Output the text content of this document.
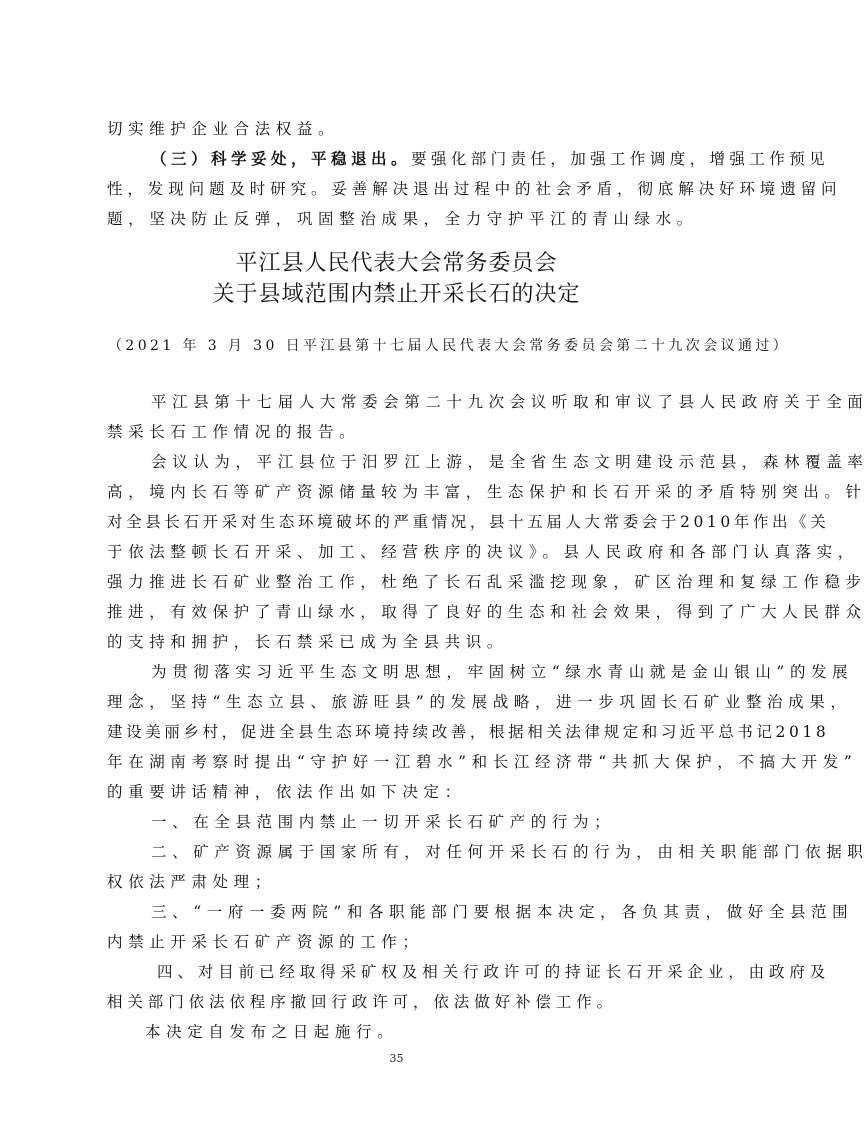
切实维护企业合法权益。
（三）科学妥处，平稳退出。要强化部门责任，加强工作调度，增强工作预见
性，发现问题及时研究。妥善解决退出过程中的社会矛盾，彻底解决好环境遗留问
题，坚决防止反弹，巩固整治成果，全力守护平江的青山绿水。
平江县人民代表大会常务委员会
关于县域范围内禁止开采长石的决定
（2021 年 3 月 30 日平江县第十七届人民代表大会常务委员会第二十九次会议通过）
平江县第十七届人大常委会第二十九次会议听取和审议了县人民政府关于全面
禁采长石工作情况的报告。
会议认为，平江县位于汨罗江上游，是全省生态文明建设示范县，森林覆盖率
高，境内长石等矿产资源储量较为丰富，生态保护和长石开采的矛盾特别突出。针
对全县长石开采对生态环境破坏的严重情况，县十五届人大常委会于2010年作出《关
于依法整顿长石开采、加工、经营秩序的决议》。县人民政府和各部门认真落实，
强力推进长石矿业整治工作，杜绝了长石乱采滥挖现象，矿区治理和复绿工作稳步
推进，有效保护了青山绿水，取得了良好的生态和社会效果，得到了广大人民群众
的支持和拥护，长石禁采已成为全县共识。
为贯彻落实习近平生态文明思想，牢固树立“绿水青山就是金山银山”的发展
理念，坚持“生态立县、旅游旺县”的发展战略，进一步巩固长石矿业整治成果，
建设美丽乡村，促进全县生态环境持续改善，根据相关法律规定和习近平总书记2018
年在湖南考察时提出“守护好一江碧水”和长江经济带“共抓大保护，不搞大开发”
的重要讲话精神，依法作出如下决定：
一、在全县范围内禁止一切开采长石矿产的行为；
二、矿产资源属于国家所有，对任何开采长石的行为，由相关职能部门依据职
权依法严肃处理；
三、“一府一委两院”和各职能部门要根据本决定，各负其责，做好全县范围
内禁止开采长石矿产资源的工作；
四、对目前已经取得采矿权及相关行政许可的持证长石开采企业，由政府及
相关部门依法依程序撤回行政许可，依法做好补偿工作。
本决定自发布之日起施行。
35
